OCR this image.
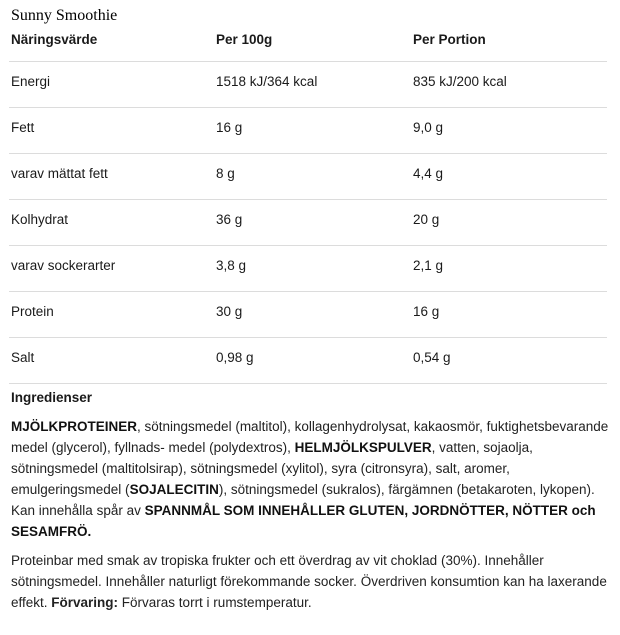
Sunny Smoothie
Näringsvärde	Per 100g	Per Portion
Energi	1518 kJ/364 kcal	835 kJ/200 kcal
Fett	16 g	9,0 g
varav mättat fett	8 g	4,4 g
Kolhydrat	36 g	20 g
varav sockerarter	3,8 g	2,1 g
Protein	30 g	16 g
Salt	0,98 g	0,54 g
Ingredienser
MJÖLKPROTEINER, sötningsmedel (maltitol), kollagenhydrolysat, kakaosmör, fuktighetsbevarande medel (glycerol), fyllnads- medel (polydextros), HELMJÖLKSPULVER, vatten, sojaolja, sötningsmedel (maltitolsirap), sötningsmedel (xylitol), syra (citronsyra), salt, aromer, emulgeringsmedel (SOJALECITIN), sötningsmedel (sukralos), färgämnen (betakaroten, lykopen). Kan innehålla spår av SPANNMÅL SOM INNEHÅLLER GLUTEN, JORDNÖTTER, NÖTTER och SESAMFRÖ.
Proteinbar med smak av tropiska frukter och ett överdrag av vit choklad (30%). Innehåller sötningsmedel. Innehåller naturligt förekommande socker. Överdriven konsumtion kan ha laxerande effekt. Förvaring: Förvaras torrt i rumstemperatur.
